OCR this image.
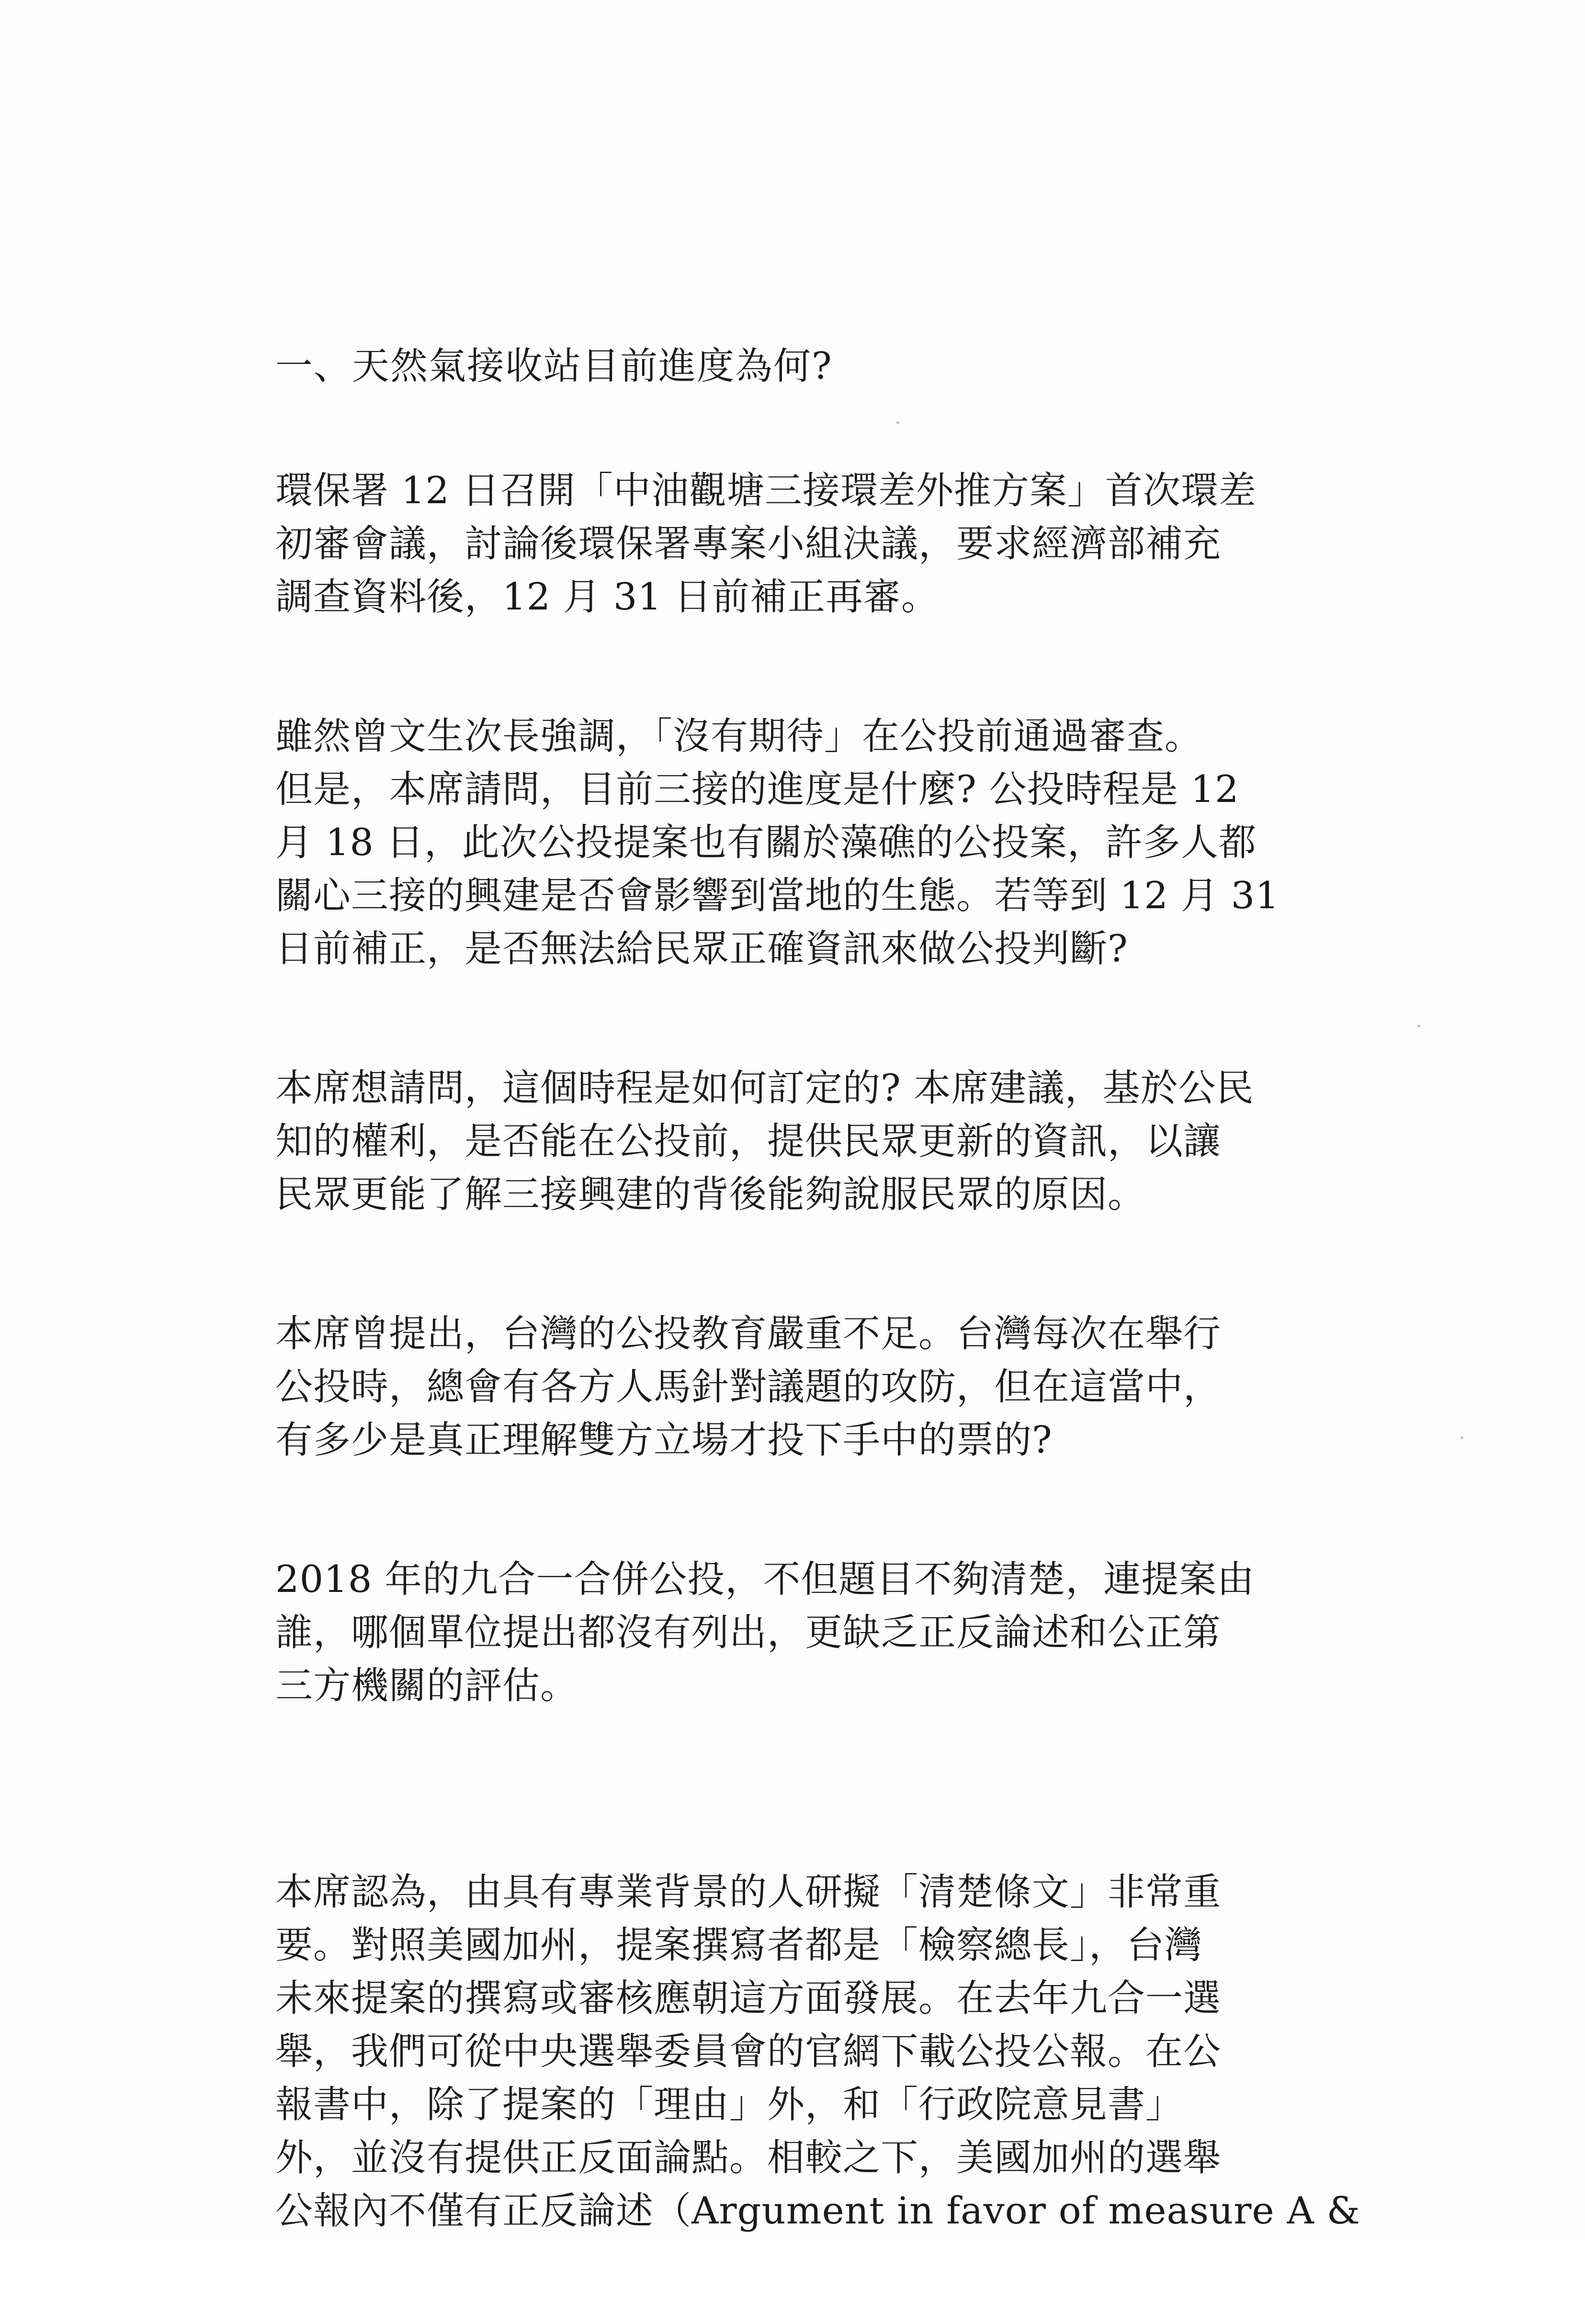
一、天然氣接收站目前進度為何?
環保署 12 日召開「中油觀塘三接環差外推方案」首次環差
初審會議，討論後環保署專案小組決議，要求經濟部補充
調查資料後，12 月 31 日前補正再審。
雖然曾文生次長強調，「沒有期待」在公投前通過審查。
但是，本席請問，目前三接的進度是什麼? 公投時程是 12
月 18 日，此次公投提案也有關於藻礁的公投案，許多人都
關心三接的興建是否會影響到當地的生態。若等到 12 月 31
日前補正，是否無法給民眾正確資訊來做公投判斷?
本席想請問，這個時程是如何訂定的? 本席建議，基於公民
知的權利，是否能在公投前，提供民眾更新的資訊，以讓
民眾更能了解三接興建的背後能夠說服民眾的原因。
本席曾提出，台灣的公投教育嚴重不足。台灣每次在舉行
公投時，總會有各方人馬針對議題的攻防，但在這當中，
有多少是真正理解雙方立場才投下手中的票的?
2018 年的九合一合併公投，不但題目不夠清楚，連提案由
誰，哪個單位提出都沒有列出，更缺乏正反論述和公正第
三方機關的評估。
本席認為，由具有專業背景的人研擬「清楚條文」非常重
要。對照美國加州，提案撰寫者都是「檢察總長」，台灣
未來提案的撰寫或審核應朝這方面發展。在去年九合一選
舉，我們可從中央選舉委員會的官網下載公投公報。在公
報書中，除了提案的「理由」外，和「行政院意見書」
外，並沒有提供正反面論點。相較之下，美國加州的選舉
公報內不僅有正反論述（Argument in favor of measure A &
